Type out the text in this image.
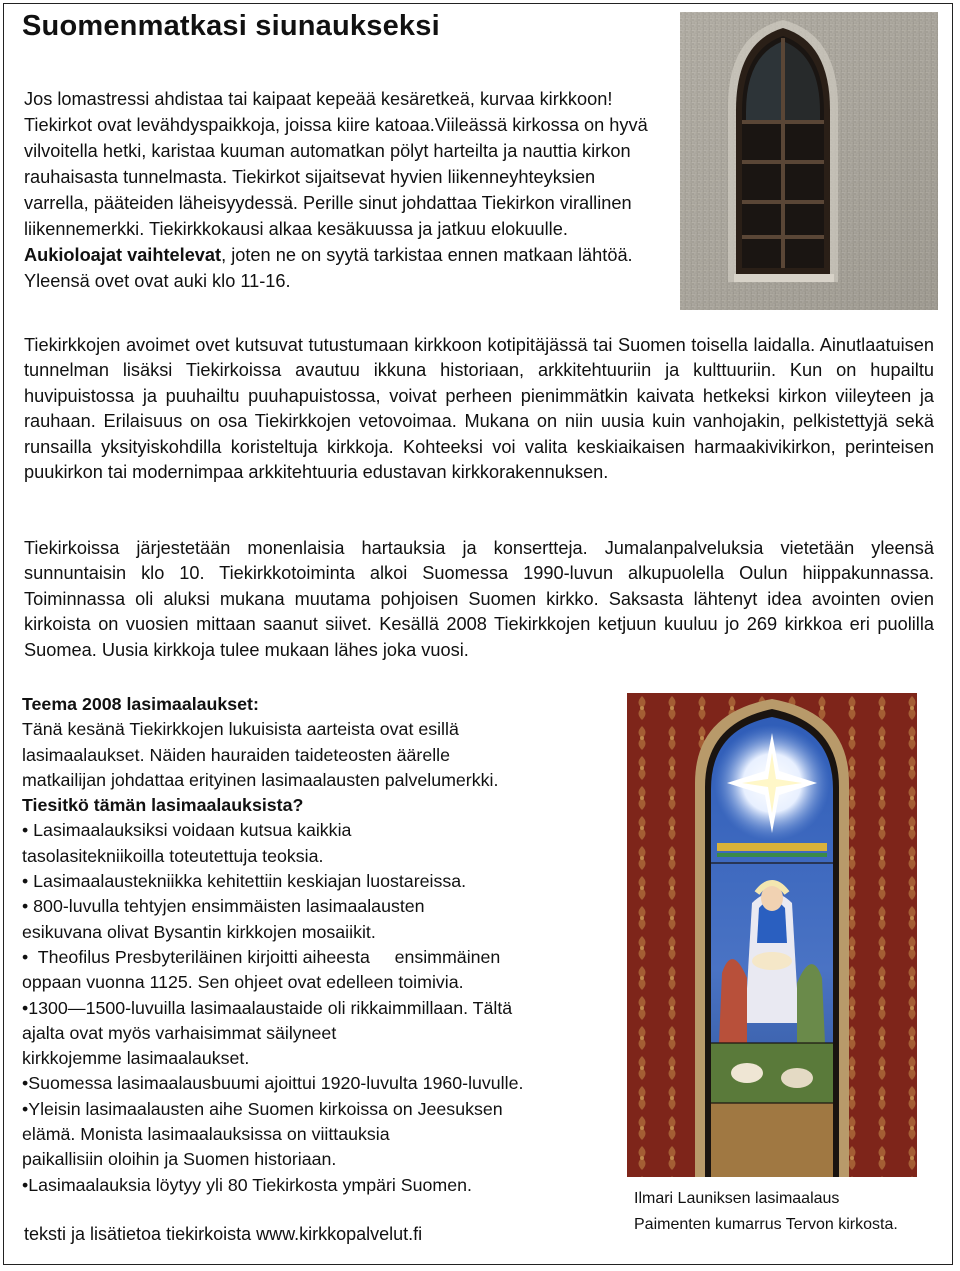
Suomenmatkasi siunaukseksi

Jos lomastressi ahdistaa tai kaipaat kepeää kesäretkeä, kurvaa kirkkoon! Tiekirkot ovat levähdyspaikkoja, joissa kiire katoaa.Viileässä kirkossa on hyvä vilvoitella hetki, karistaa kuuman automatkan pölyt harteilta ja nauttia kirkon rauhaisasta tunnelmasta. Tiekirkot sijaitsevat hyvien liikenneyhteyksien varrella, pääteiden läheisyydessä. Perille sinut johdattaa Tiekirkon virallinen liikennemerkki. Tiekirkkokausi alkaa kesäkuussa ja jatkuu elokuulle. Aukioloajat vaihtelevat, joten ne on syytä tarkistaa ennen matkaan lähtöä. Yleensä ovet ovat auki klo 11-16.

Tiekirkkojen avoimet ovet kutsuvat tutustumaan kirkkoon kotipitäjässä tai Suomen toisella laidalla. Ainutlaatuisen tunnelman lisäksi Tiekirkoissa avautuu ikkuna historiaan, arkkitehtuuriin ja kulttuuriin. Kun on hupailtu huvipuistossa ja puuhailtu puuhapuistossa, voivat perheen pienimmätkin kaivata hetkeksi kirkon viileyteen ja rauhaan. Erilaisuus on osa Tiekirkkojen vetovoimaa. Mukana on niin uusia kuin vanhojakin, pelkistettyjä sekä runsailla yksityiskohdilla koristeltuja kirkkoja. Kohteeksi voi valita keskiaikaisen harmaakivikirkon, perinteisen puukirkon tai modernimpaa arkkitehtuuria edustavan kirkkorakennuksen.

Tiekirkoissa järjestetään monenlaisia hartauksia ja konsertteja. Jumalanpalveluksia vietetään yleensä sunnuntaisin klo 10. Tiekirkkotoiminta alkoi Suomessa 1990-luvun alkupuolella Oulun hiippakunnassa. Toiminnassa oli aluksi mukana muutama pohjoisen Suomen kirkko. Saksasta lähtenyt idea avointen ovien kirkoista on vuosien mittaan saanut siivet. Kesällä 2008 Tiekirkkojen ketjuun kuuluu jo 269 kirkkoa eri puolilla Suomea. Uusia kirkkoja tulee mukaan lähes joka vuosi.

Teema 2008 lasimaalaukset:
Tänä kesänä Tiekirkkojen lukuisista aarteista ovat esillä
lasimaalaukset. Näiden hauraiden taideteosten äärelle
matkailijan johdattaa erityinen lasimaalausten palvelumerkki.
Tiesitkö tämän lasimaalauksista?
• Lasimaalauksiksi voidaan kutsua kaikkia
tasolasitekniikoilla toteutettuja teoksia.
• Lasimaalaustekniikka kehitettiin keskiajan luostareissa.
• 800-luvulla tehtyjen ensimmäisten lasimaalausten
esikuvana olivat Bysantin kirkkojen mosaiikit.
•  Theofilus Presbyteriläinen kirjoitti aiheesta     ensimmäinen
oppaan vuonna 1125. Sen ohjeet ovat edelleen toimivia.
•1300—1500-luvuilla lasimaalaustaide oli rikkaimmillaan. Tältä
ajalta ovat myös varhaisimmat säilyneet
kirkkojemme lasimaalaukset.
•Suomessa lasimaalausbuumi ajoittui 1920-luvulta 1960-luvulle.
•Yleisin lasimaalausten aihe Suomen kirkoissa on Jeesuksen
elämä. Monista lasimaalauksissa on viittauksia
paikallisiin oloihin ja Suomen historiaan.
•Lasimaalauksia löytyy yli 80 Tiekirkosta ympäri Suomen.
Ilmari Launiksen lasimaalaus
Paimenten kumarrus Tervon kirkosta.

teksti ja lisätietoa tiekirkoista www.kirkkopalvelut.fi
